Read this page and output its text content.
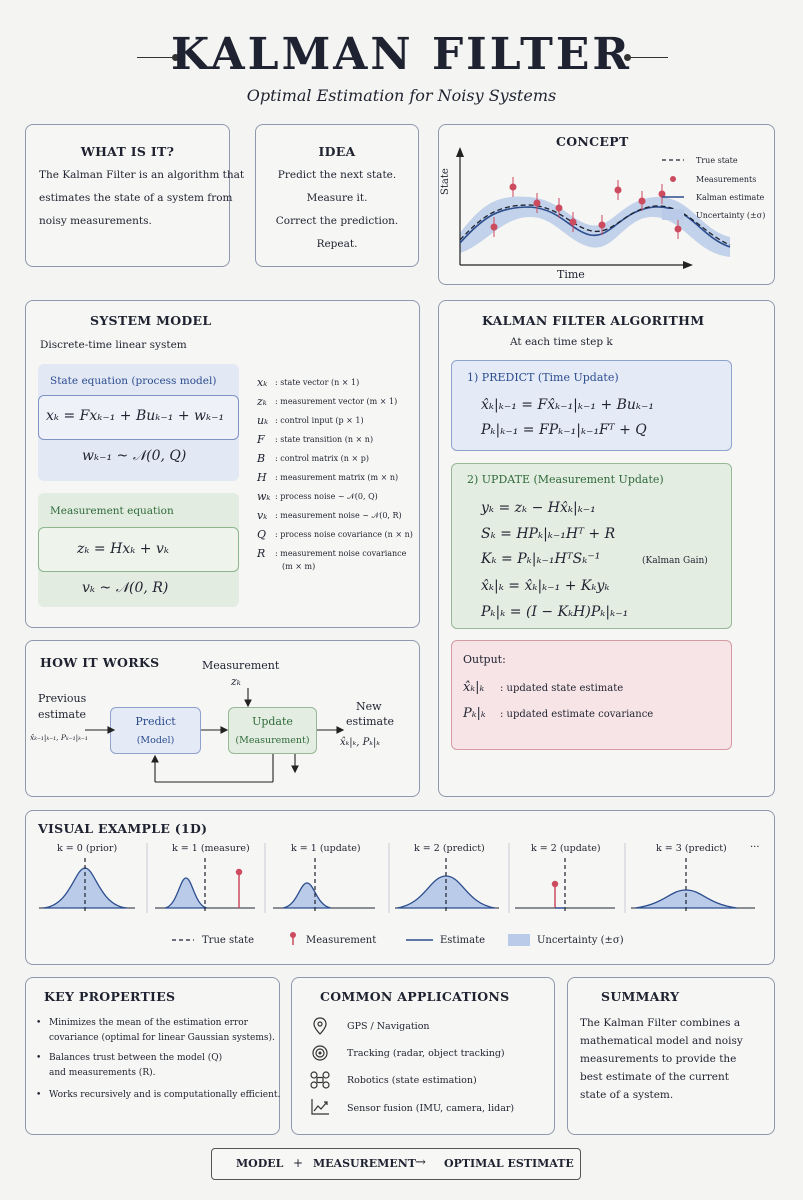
KALMAN FILTER
Optimal Estimation for Noisy Systems
WHAT IS IT?
The Kalman Filter is an algorithm that
estimates the state of a system from
noisy measurements.
IDEA
Predict the next state.
Measure it.
Correct the prediction.
Repeat.
CONCEPT
State
Time
True state
Measurements
Kalman estimate
Uncertainty (±σ)
SYSTEM MODEL
Discrete-time linear system
State equation (process model)
xₖ = Fxₖ₋₁ + Buₖ₋₁ + wₖ₋₁
wₖ₋₁ ~ 𝒩(0, Q)
Measurement equation
zₖ = Hxₖ + vₖ
vₖ ~ 𝒩(0, R)
xₖ : state vector (n × 1)
zₖ : measurement vector (m × 1)
uₖ : control input (p × 1)
F : state transition (n × n)
B : control matrix (n × p)
H : measurement matrix (m × n)
wₖ : process noise ~ 𝒩(0, Q)
vₖ : measurement noise ~ 𝒩(0, R)
Q : process noise covariance (n × n)
R : measurement noise covariance
(m × m)
KALMAN FILTER ALGORITHM
At each time step k
1) PREDICT (Time Update)
x̂ₖ|ₖ₋₁ = Fx̂ₖ₋₁|ₖ₋₁ + Buₖ₋₁
Pₖ|ₖ₋₁ = FPₖ₋₁|ₖ₋₁Fᵀ + Q
2) UPDATE (Measurement Update)
yₖ = zₖ − Hx̂ₖ|ₖ₋₁
Sₖ = HPₖ|ₖ₋₁Hᵀ + R
Kₖ = Pₖ|ₖ₋₁HᵀSₖ⁻¹	(Kalman Gain)
x̂ₖ|ₖ = x̂ₖ|ₖ₋₁ + Kₖyₖ
Pₖ|ₖ = (I − KₖH)Pₖ|ₖ₋₁
Output:
x̂ₖ|ₖ : updated state estimate
Pₖ|ₖ : updated estimate covariance
HOW IT WORKS	Measurement
zₖ
Previous
estimate
x̂ₖ₋₁|ₖ₋₁, Pₖ₋₁|ₖ₋₁
Predict
(Model)
Update
(Measurement)
New
estimate
x̂ₖ|ₖ, Pₖ|ₖ
VISUAL EXAMPLE (1D)
k = 0 (prior)	k = 1 (measure)	k = 1 (update)	k = 2 (predict)	k = 2 (update)	k = 3 (predict) ···
True state	Measurement	Estimate	Uncertainty (±σ)
KEY PROPERTIES
• Minimizes the mean of the estimation error
covariance (optimal for linear Gaussian systems).
• Balances trust between the model (Q)
and measurements (R).
• Works recursively and is computationally efficient.
COMMON APPLICATIONS
GPS / Navigation
Tracking (radar, object tracking)
Robotics (state estimation)
Sensor fusion (IMU, camera, lidar)
SUMMARY
The Kalman Filter combines a
mathematical model and noisy
measurements to provide the
best estimate of the current
state of a system.
MODEL + MEASUREMENT → OPTIMAL ESTIMATE
